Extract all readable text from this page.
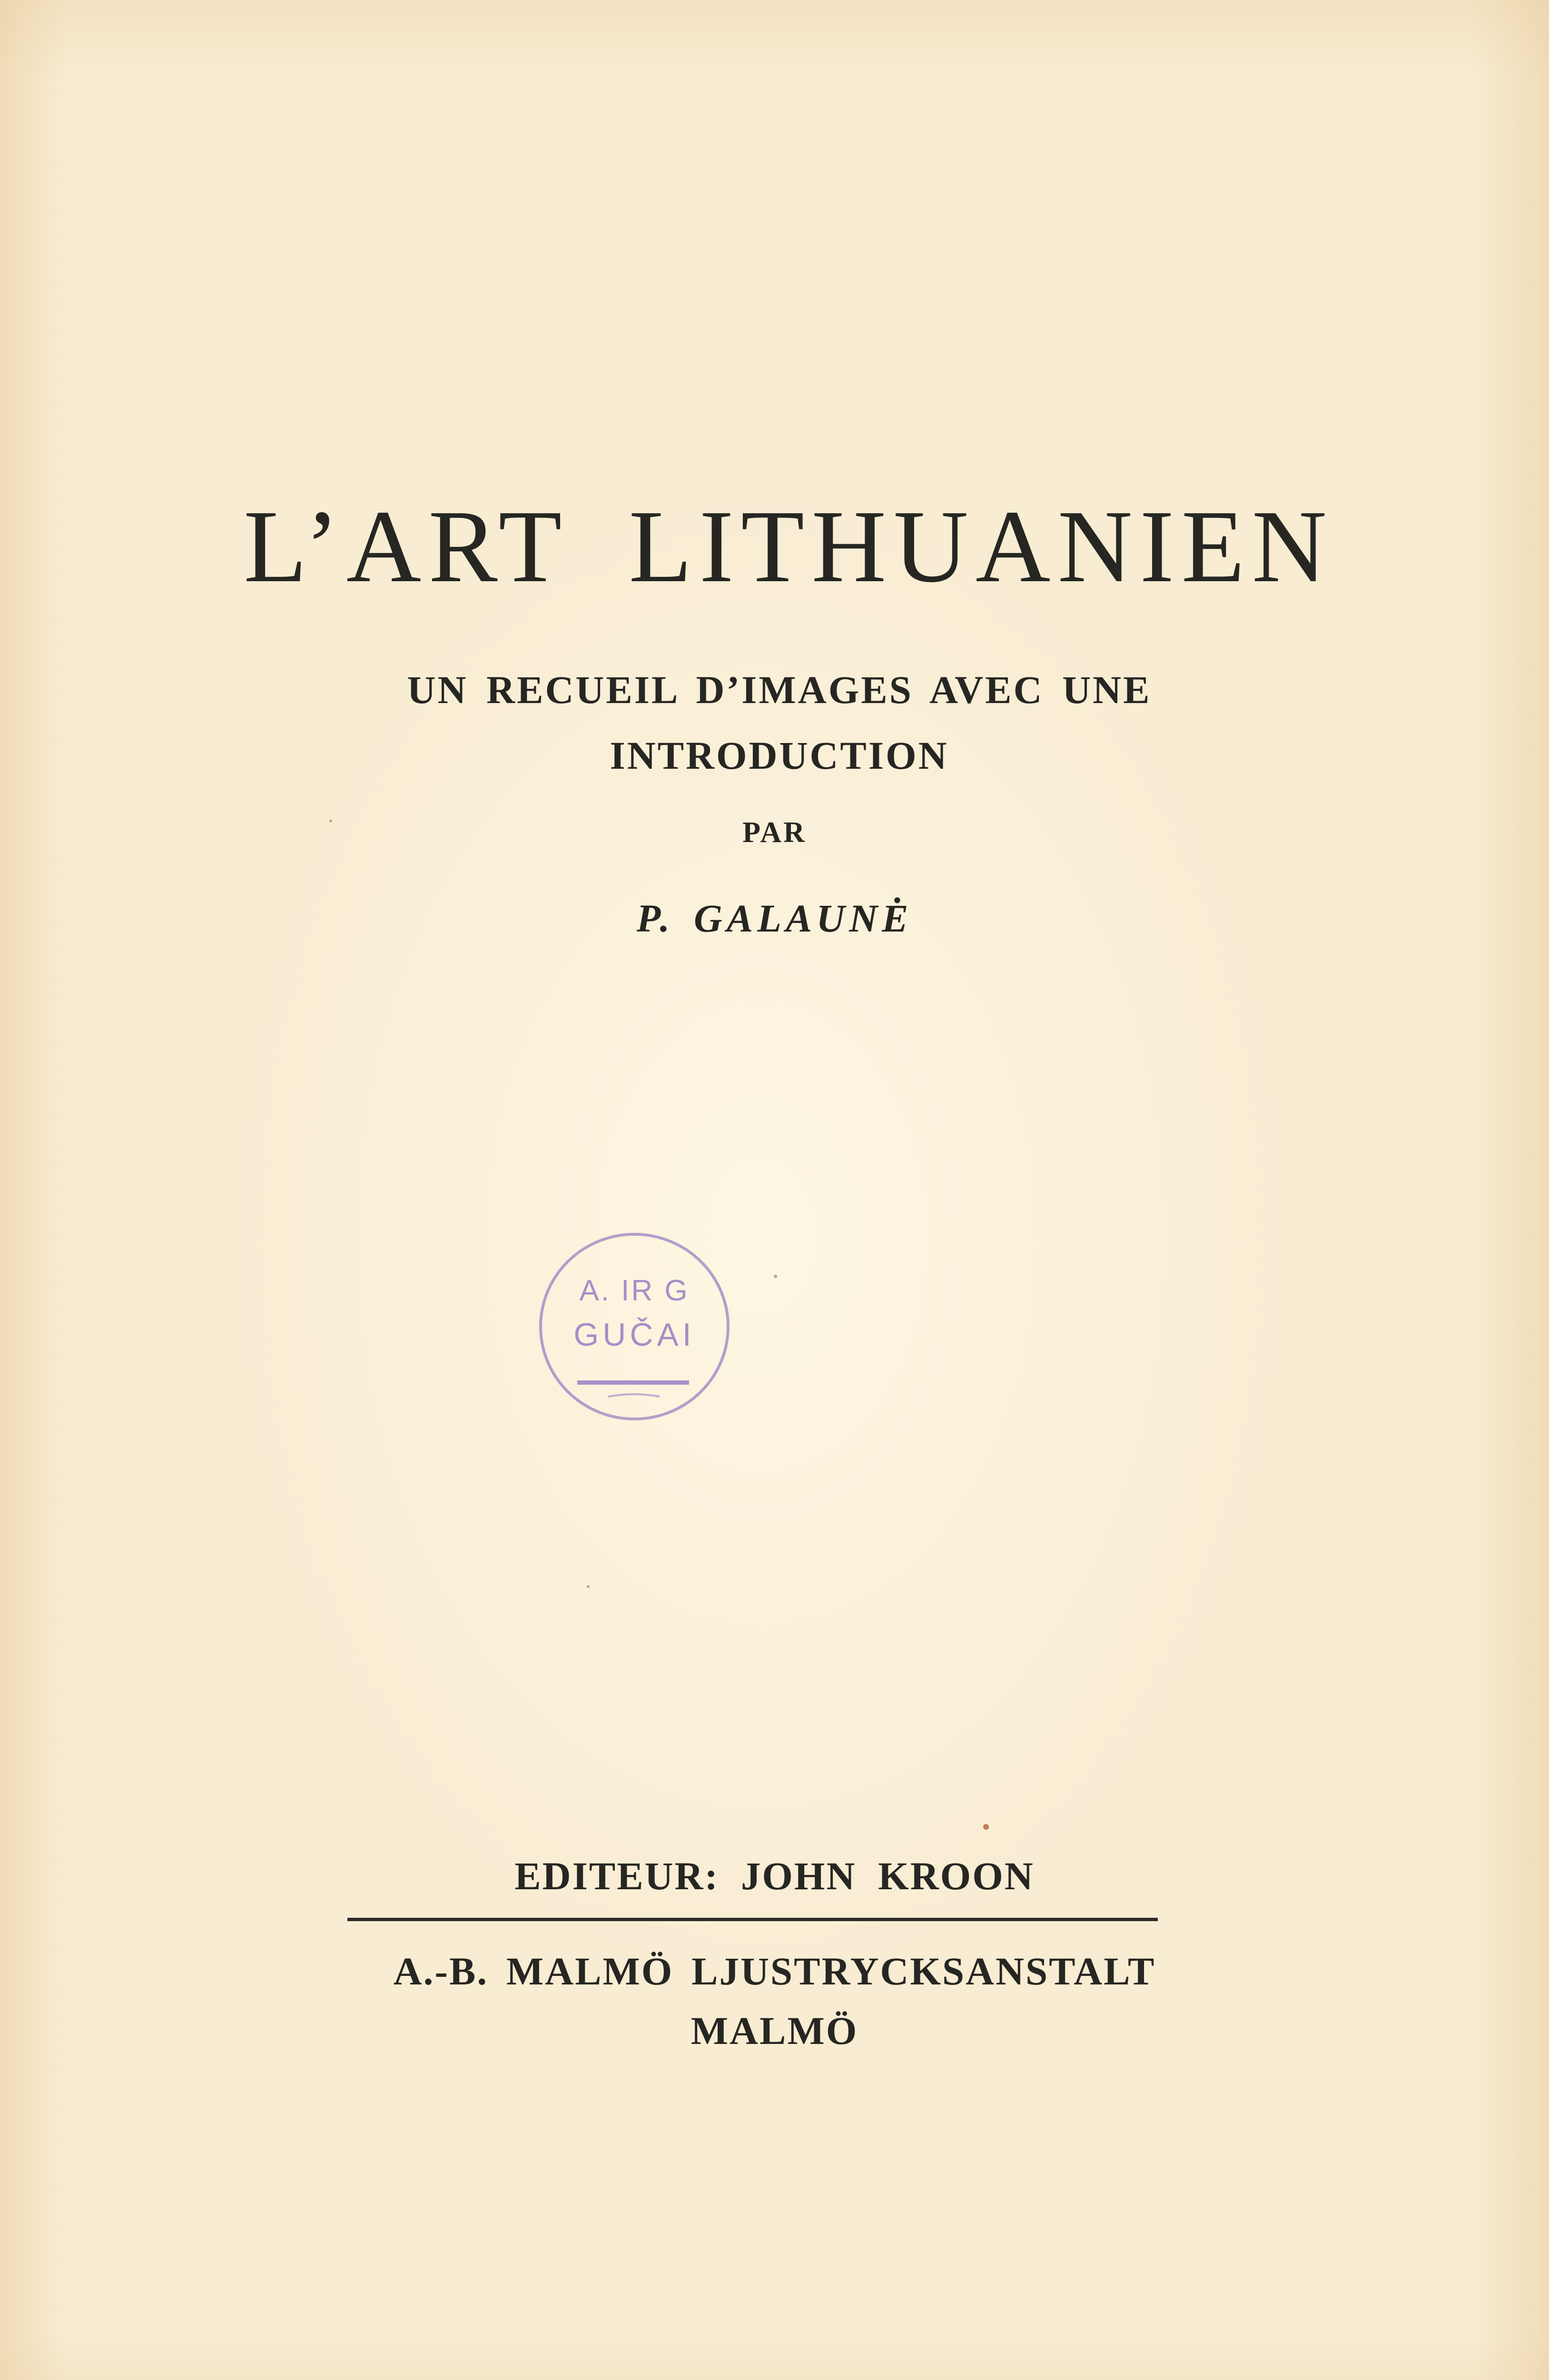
L’ART LITHUANIEN
UN RECUEIL D’IMAGES AVEC UNE
INTRODUCTION
PAR
P. GALAUNĖ
A. IR G
GUČAI
EDITEUR: JOHN KROON
A.-B. MALMÖ LJUSTRYCKSANSTALT
MALMÖ
